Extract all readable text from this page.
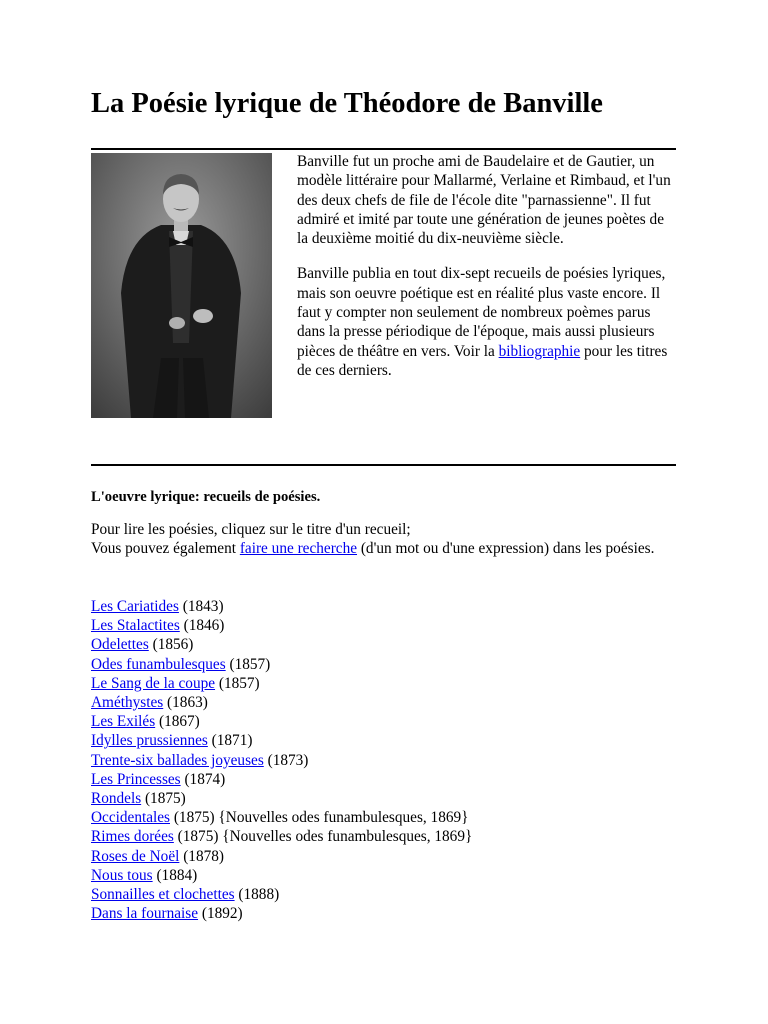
La Poésie lyrique de Théodore de Banville

Banville fut un proche ami de Baudelaire et de Gautier, un modèle littéraire pour Mallarmé, Verlaine et Rimbaud, et l'un des deux chefs de file de l'école dite "parnassienne". Il fut admiré et imité par toute une génération de jeunes poètes de la deuxième moitié du dix-neuvième siècle.

Banville publia en tout dix-sept recueils de poésies lyriques, mais son oeuvre poétique est en réalité plus vaste encore. Il faut y compter non seulement de nombreux poèmes parus dans la presse périodique de l'époque, mais aussi plusieurs pièces de théâtre en vers. Voir la bibliographie pour les titres de ces derniers.

L'oeuvre lyrique: recueils de poésies.

Pour lire les poésies, cliquez sur le titre d'un recueil;
Vous pouvez également faire une recherche (d'un mot ou d'une expression) dans les poésies.

Les Cariatides (1843)
Les Stalactites (1846)
Odelettes (1856)
Odes funambulesques (1857)
Le Sang de la coupe (1857)
Améthystes (1863)
Les Exilés (1867)
Idylles prussiennes (1871)
Trente-six ballades joyeuses (1873)
Les Princesses (1874)
Rondels (1875)
Occidentales (1875) {Nouvelles odes funambulesques, 1869}
Rimes dorées (1875) {Nouvelles odes funambulesques, 1869}
Roses de Noël (1878)
Nous tous (1884)
Sonnailles et clochettes (1888)
Dans la fournaise (1892)
